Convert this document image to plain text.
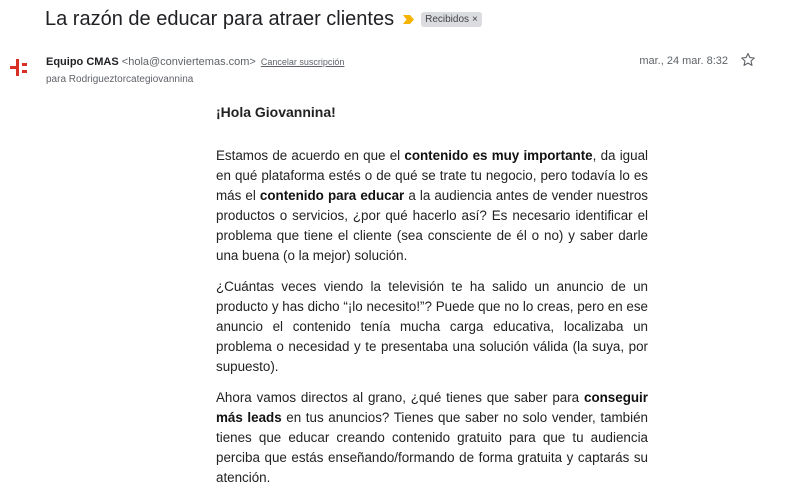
La razón de educar para atraer clientes	Recibidos ×
Equipo CMAS <hola@conviertemas.com> Cancelar suscripción
para Rodrigueztorcategiovannina
mar., 24 mar. 8:32

¡Hola Giovannina!

Estamos de acuerdo en que el contenido es muy importante, da igual en qué plataforma estés o de qué se trate tu negocio, pero todavía lo es más el contenido para educar a la audiencia antes de vender nuestros productos o servicios, ¿por qué hacerlo así? Es necesario identificar el problema que tiene el cliente (sea consciente de él o no) y saber darle una buena (o la mejor) solución.

¿Cuántas veces viendo la televisión te ha salido un anuncio de un producto y has dicho “¡lo necesito!”? Puede que no lo creas, pero en ese anuncio el contenido tenía mucha carga educativa, localizaba un problema o necesidad y te presentaba una solución válida (la suya, por supuesto).

Ahora vamos directos al grano, ¿qué tienes que saber para conseguir más leads en tus anuncios? Tienes que saber no solo vender, también tienes que educar creando contenido gratuito para que tu audiencia perciba que estás enseñando/formando de forma gratuita y captarás su atención.
